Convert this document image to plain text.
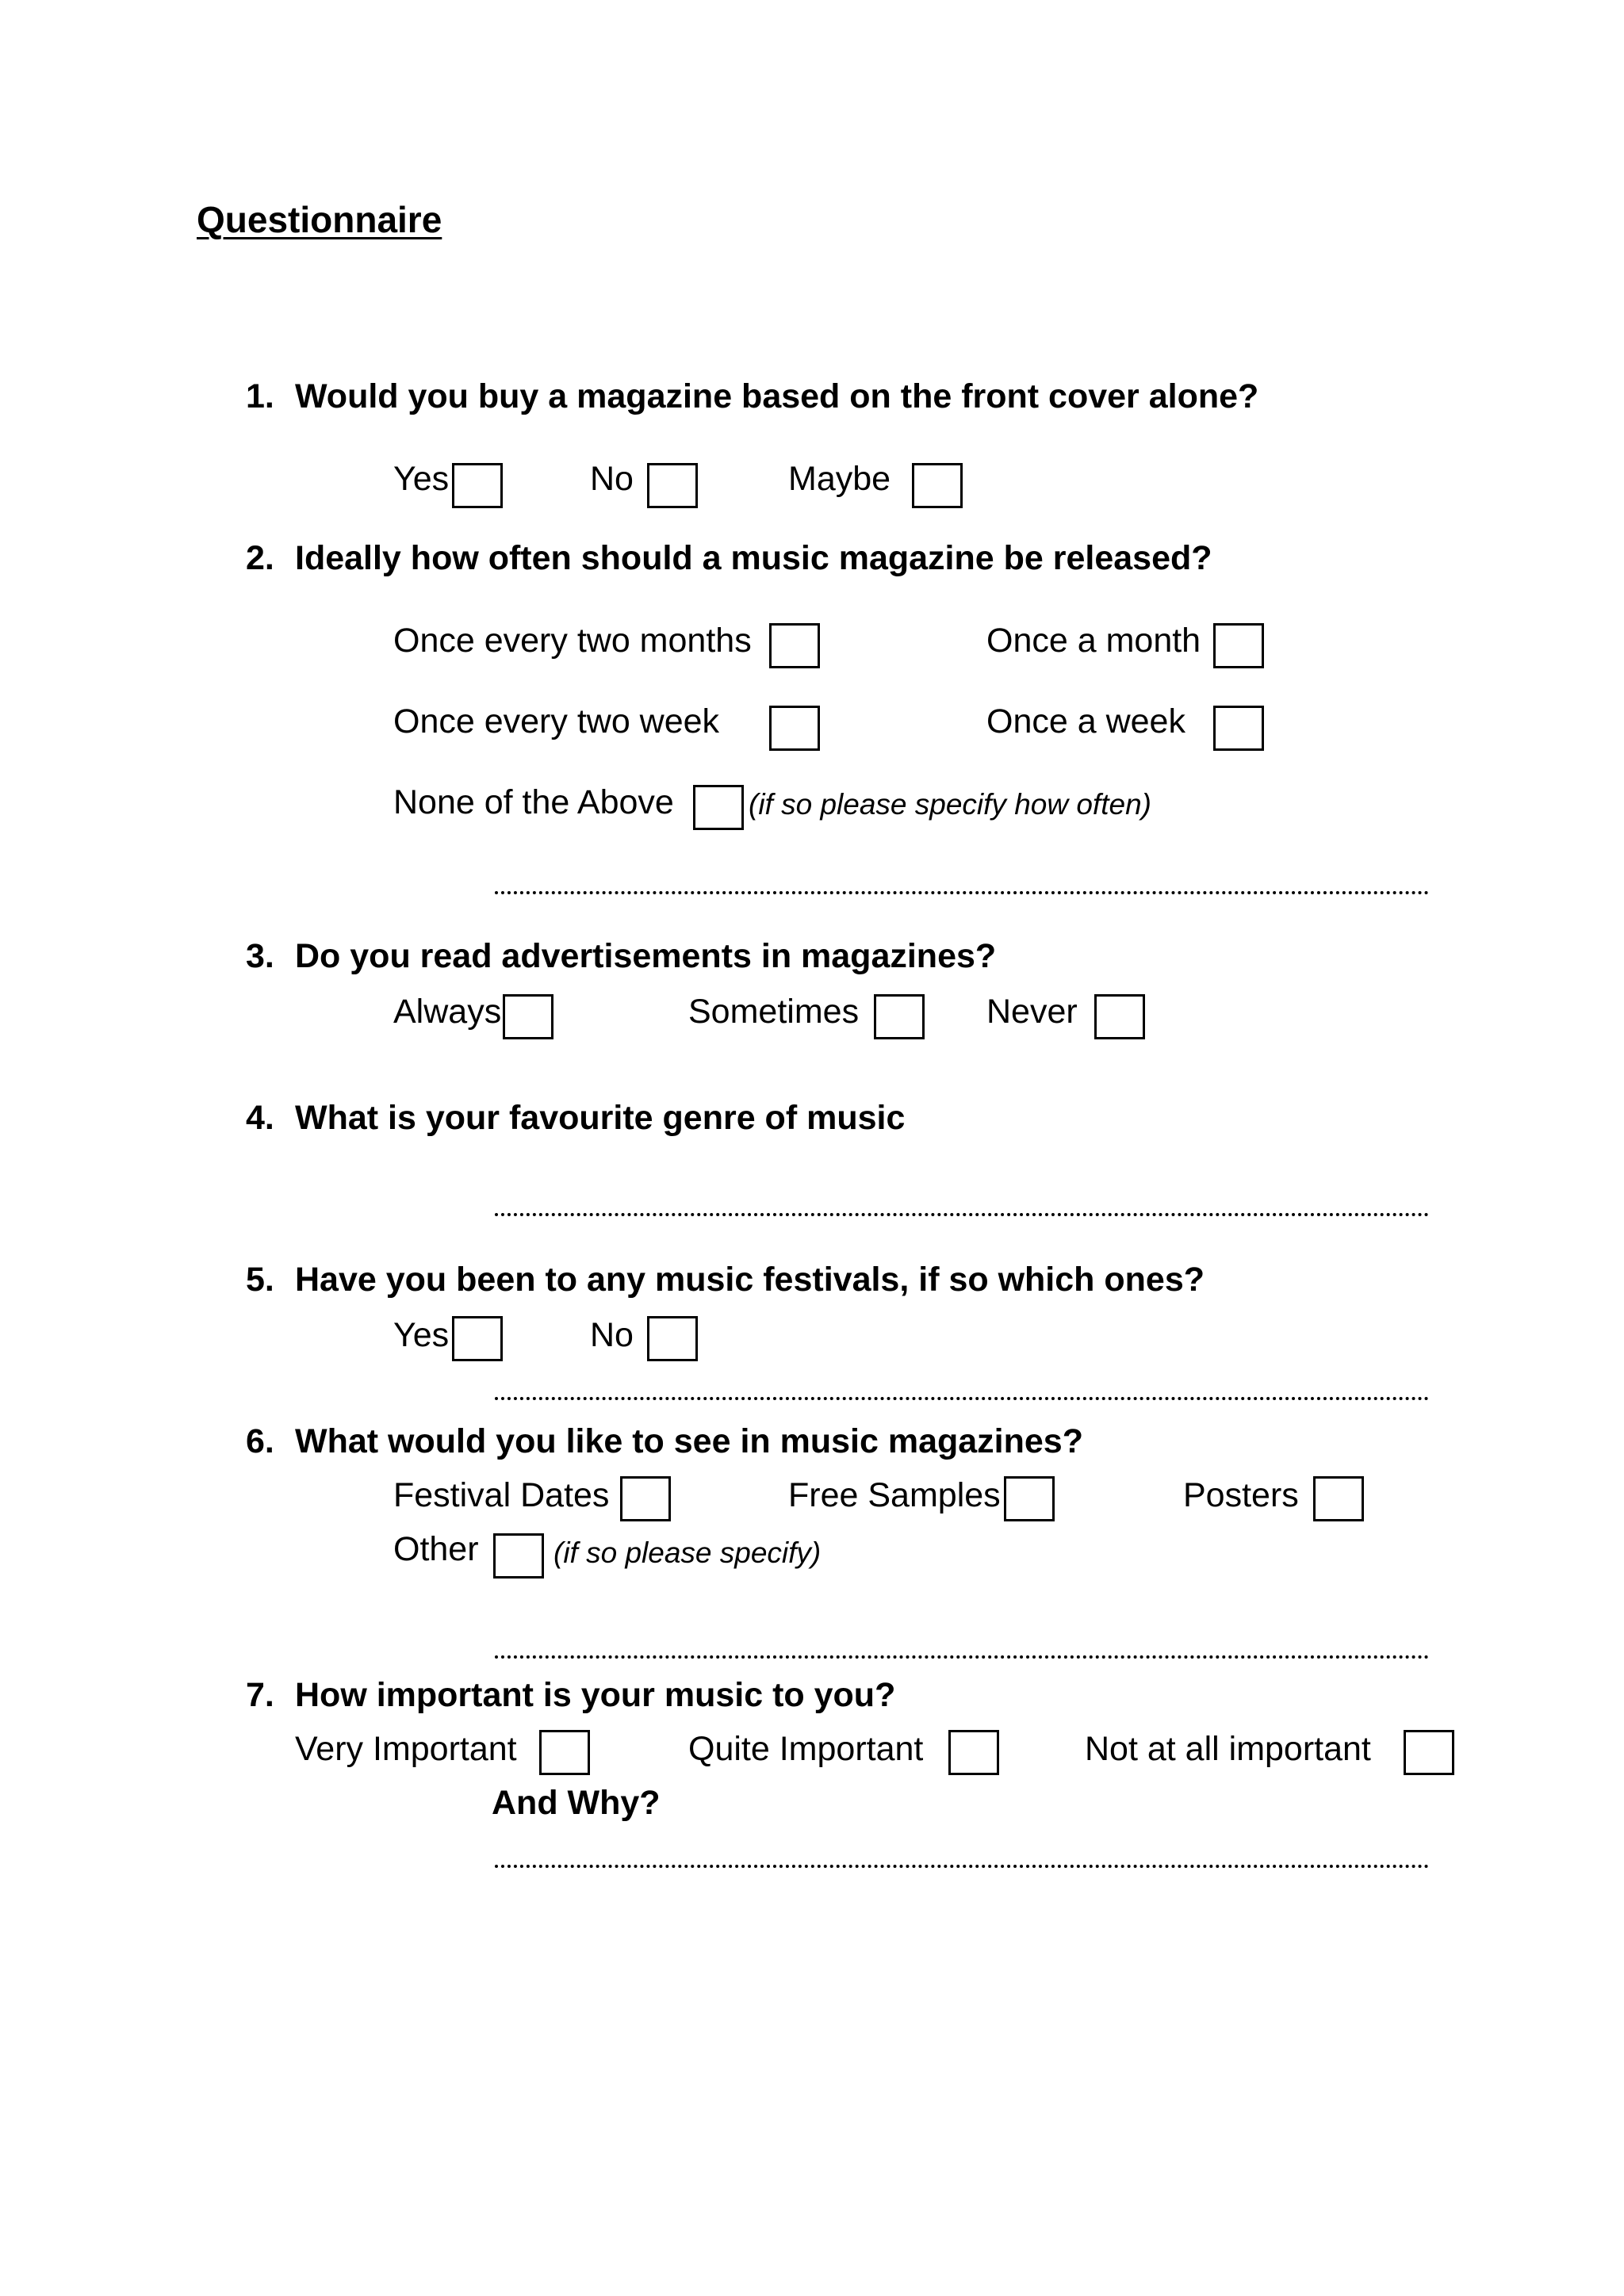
Questionnaire
1. Would you buy a magazine based on the front cover alone?
Yes	No	Maybe
2. Ideally how often should a music magazine be released?
Once every two months	Once a month
Once every two week	Once a week
None of the Above	(if so please specify how often)
3. Do you read advertisements in magazines?
Always	Sometimes	Never
4. What is your favourite genre of music
5. Have you been to any music festivals, if so which ones?
Yes	No
6. What would you like to see in music magazines?
Festival Dates	Free Samples	Posters
Other	(if so please specify)
7. How important is your music to you?
Very Important	Quite Important	Not at all important
And Why?
